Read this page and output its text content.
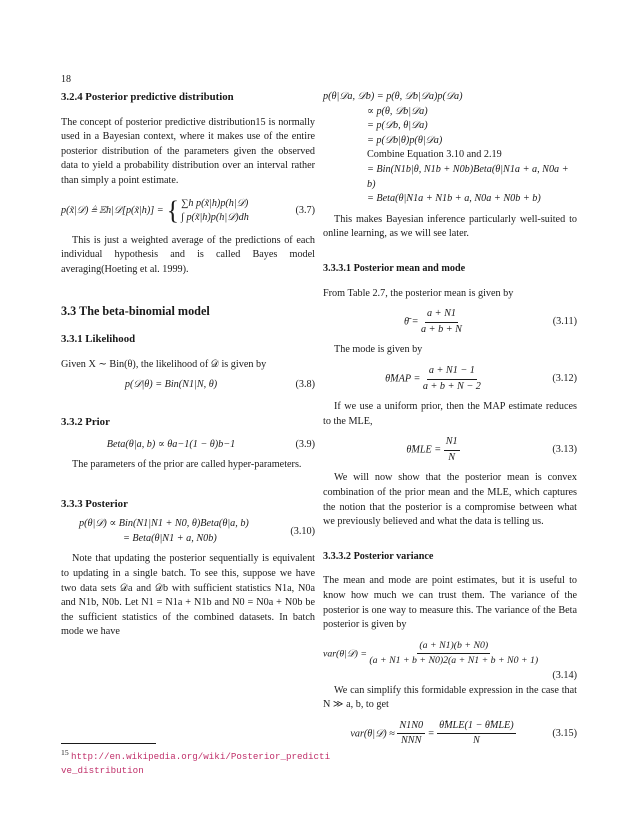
18
3.2.4 Posterior predictive distribution

The concept of posterior predictive distribution15 is normally used in a Bayesian context, where it makes use of the entire posterior distribution of the parameters given the observed data to yield a probability distribution over an interval rather than simply a point estimate.

p(x̃|𝒟) ≜ 𝔼h|𝒟[p(x̃|h)] = { ∑h p(x̃|h)p(h|𝒟)
∫ p(x̃|h)p(h|𝒟)dh
(3.7)

This is just a weighted average of the predictions of each individual hypothesis and is called Bayes model averaging(Hoeting et al. 1999).

3.3 The beta-binomial model
3.3.1 Likelihood

Given X ∼ Bin(θ), the likelihood of 𝒟 is given by

p(𝒟|θ) = Bin(N1|N, θ)	(3.8)
3.3.2 Prior
Beta(θ|a, b) ∝ θa−1(1 − θ)b−1	(3.9)

The parameters of the prior are called hyper-parameters.

3.3.3 Posterior
p(θ|𝒟) ∝ Bin(N1|N1 + N0, θ)Beta(θ|a, b)
= Beta(θ|N1 + a, N0b)
(3.10)

Note that updating the posterior sequentially is equivalent to updating in a single batch. To see this, suppose we have two data sets 𝒟a and 𝒟b with sufficient statistics N1a, N0a and N1b, N0b. Let N1 = N1a + N1b and N0 = N0a + N0b be the sufficient statistics of the combined datasets. In batch mode we have

$^{15}$ http://en.wikipedia.org/wiki/Posterior_predictive_distribution
p(θ|𝒟a, 𝒟b) = p(θ, 𝒟b|𝒟a)p(𝒟a)
∝ p(θ, 𝒟b|𝒟a)
= p(𝒟b, θ|𝒟a)
= p(𝒟b|θ)p(θ|𝒟a)
Combine Equation 3.10 and 2.19
= Bin(N1b|θ, N1b + N0b)Beta(θ|N1a + a, N0a + b)
= Beta(θ|N1a + N1b + a, N0a + N0b + b)

This makes Bayesian inference particularly well-suited to online learning, as we will see later.

3.3.3.1 Posterior mean and mode

From Table 2.7, the posterior mean is given by

θ̄ = $\frac{a + N1}{a + b + N}$	(3.11)

The mode is given by

θ̂MAP = $\frac{a + N1 - 1}{a + b + N - 2}$	(3.12)

If we use a uniform prior, then the MAP estimate reduces to the MLE,

θ̂MLE = $\frac{N1}{N}$	(3.13)

We will now show that the posterior mean is convex combination of the prior mean and the MLE, which captures the notion that the posterior is a compromise between what we previously believed and what the data is telling us.

3.3.3.2 Posterior variance

The mean and mode are point estimates, but it is useful to know how much we can trust them. The variance of the posterior is one way to measure this. The variance of the Beta posterior is given by

var(θ|𝒟) = $\frac{(a + N1)(b + N0)}{(a + N1 + b + N0)2(a + N1 + b + N0 + 1)}$
(3.14)

We can simplify this formidable expression in the case that N ≫ a, b, to get

var(θ|𝒟) ≈ $\frac{N1N0}{\text{NNN}} = \frac{\text{θ̂MLE(1 − θ̂MLE)}}{N}$	(3.15)
